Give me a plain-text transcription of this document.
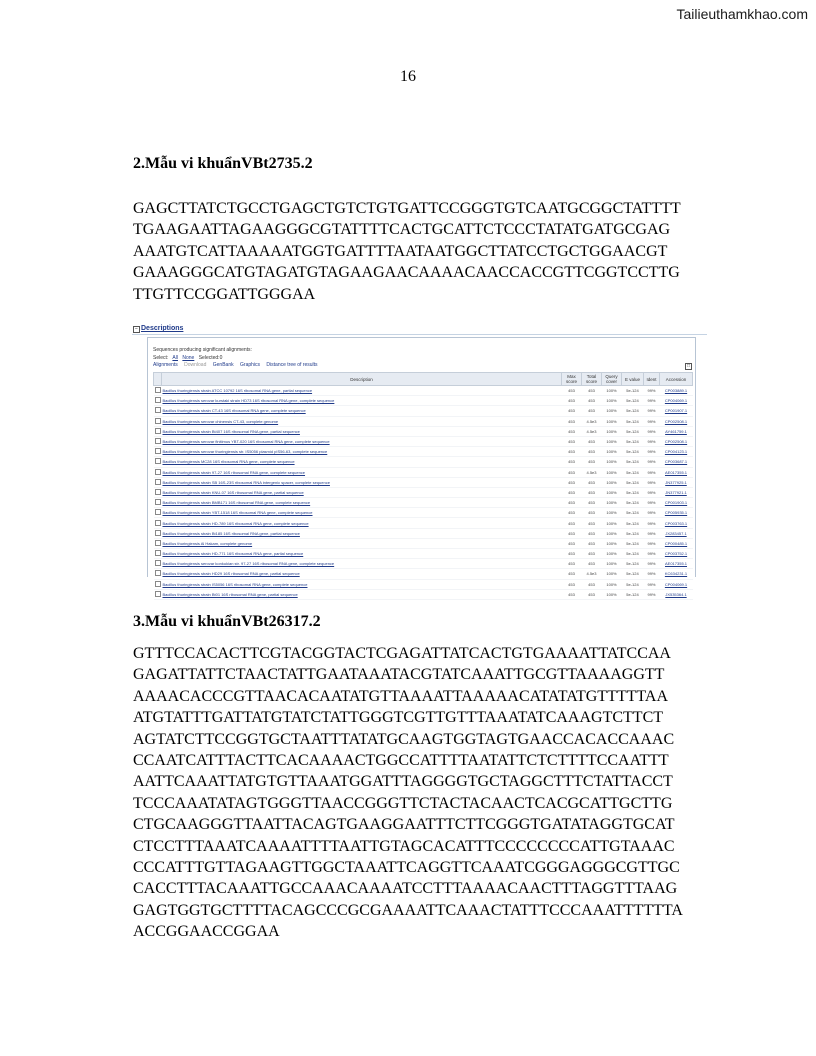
Tailieuthamkhao.com
16
2.Mẫu vi khuẩnVBt2735.2
GAGCTTATCTGCCTGAGCTGTCTGTGATTCCGGGTGTCAATGCGGCTATTTT
TGAAGAATTAGAAGGGCGTATTTTCACTGCATTCTCCCTATATGATGCGAG
AAATGTCATTAAAAATGGTGATTTTAATAATGGCTTATCCTGCTGGAACGT
GAAAGGGCATGTAGATGTAGAAGAACAAAACAACCACCGTTCGGTCCTTG
TTGTTCCGGATTGGGAA
− Descriptions
Sequences producing significant alignments:
Select: All None Selected:0
Alignments Download GenBank Graphics Distance tree of results	□
	Description	Max score	Total score	Query cover	E value	Ident	Accession
	Bacillus thuringiensis strain ATCC 10792 16S ribosomal RNA gene, partial sequence	453	453	100%	5e-124	99%	CP003889.1
	Bacillus thuringiensis serovar kurstaki strain HD73 16S ribosomal RNA gene, complete sequence	453	453	100%	5e-124	99%	CP004069.1
	Bacillus thuringiensis strain CT-43 16S ribosomal RNA gene, complete sequence	453	453	100%	5e-124	99%	CP001907.1
	Bacillus thuringiensis serovar chinensis CT-43, complete genome	453	4.5e3	100%	5e-124	99%	CP002508.1
	Bacillus thuringiensis strain Bt407 16S ribosomal RNA gene, partial sequence	453	4.5e3	100%	5e-124	99%	AY461759.1
	Bacillus thuringiensis serovar finitimus YBT-020 16S ribosomal RNA gene, complete sequence	453	453	100%	5e-124	99%	CP002508.1
	Bacillus thuringiensis serovar thuringiensis str. IS5056 plasmid pIS56-63, complete sequence	453	453	100%	5e-124	99%	CP004123.1
	Bacillus thuringiensis MC28 16S ribosomal RNA gene, complete sequence	453	453	100%	5e-124	99%	CP003687.1
	Bacillus thuringiensis strain 97-27 16S ribosomal RNA gene, complete sequence	453	4.5e3	100%	5e-124	99%	AE017355.1
	Bacillus thuringiensis strain SB 16S-23S ribosomal RNA intergenic spacer, complete sequence	453	453	100%	5e-124	99%	JN377925.1
	Bacillus thuringiensis strain KNU-07 16S ribosomal RNA gene, partial sequence	453	453	100%	5e-124	99%	JN377921.1
	Bacillus thuringiensis strain BMB171 16S ribosomal RNA gene, complete sequence	453	453	100%	5e-124	99%	CP001903.1
	Bacillus thuringiensis strain YBT-1518 16S ribosomal RNA gene, complete sequence	453	453	100%	5e-124	99%	CP005935.1
	Bacillus thuringiensis strain HD-789 16S ribosomal RNA gene, complete sequence	453	453	100%	5e-124	99%	CP003763.1
	Bacillus thuringiensis strain Bt185 16S ribosomal RNA gene, partial sequence	453	453	100%	5e-124	99%	JX283457.1
	Bacillus thuringiensis Al Hakam, complete genome	453	453	100%	5e-124	99%	CP000485.1
	Bacillus thuringiensis strain HD-771 16S ribosomal RNA gene, partial sequence	453	453	100%	5e-124	99%	CP003752.1
	Bacillus thuringiensis serovar konkukian str. 97-27 16S ribosomal RNA gene, complete sequence	453	453	100%	5e-124	99%	AE017355.1
	Bacillus thuringiensis strain HD29 16S ribosomal RNA gene, partial sequence	453	4.5e3	100%	5e-124	99%	KC634231.1
	Bacillus thuringiensis strain IS5056 16S ribosomal RNA gene, complete sequence	453	453	100%	5e-124	99%	CP004069.1
	Bacillus thuringiensis strain Bt01 16S ribosomal RNA gene, partial sequence	453	453	100%	5e-124	99%	JX535364.1
3.Mẫu vi khuẩnVBt26317.2
GTTTCCACACTTCGTACGGTACTCGAGATTATCACTGTGAAAATTATCCAA
GAGATTATTCTAACTATTGAATAAATACGTATCAAATTGCGTTAAAAGGTT
AAAACACCCGTTAACACAATATGTTAAAATTAAAAACATATATGTTTTTAA
ATGTATTTGATTATGTATCTATTGGGTCGTTGTTTAAATATCAAAGTCTTCT
AGTATCTTCCGGTGCTAATTTATATGCAAGTGGTAGTGAACCACACCAAAC
CCAATCATTTACTTCACAAAACTGGCCATTTTAATATTCTCTTTTCCAATTT
AATTCAAATTATGTGTTAAATGGATTTAGGGGTGCTAGGCTTTCTATTACCT
TCCCAAATATAGTGGGTTAACCGGGTTCTACTACAACTCACGCATTGCTTG
CTGCAAGGGTTAATTACAGTGAAGGAATTTCTTCGGGTGATATAGGTGCAT
CTCCTTTAAATCAAAATTTTAATTGTAGCACATTTCCCCCCCCATTGTAAAC
CCCATTTGTTAGAAGTTGGCTAAATTCAGGTTCAAATCGGGAGGGCGTTGC
CACCTTTACAAATTGCCAAACAAAATCCTTTAAAACAACTTTAGGTTTAAG
GAGTGGTGCTTTTACAGCCCGCGAAAATTCAAACTATTTCCCAAATTTTTTA
ACCGGAACCGGAA
